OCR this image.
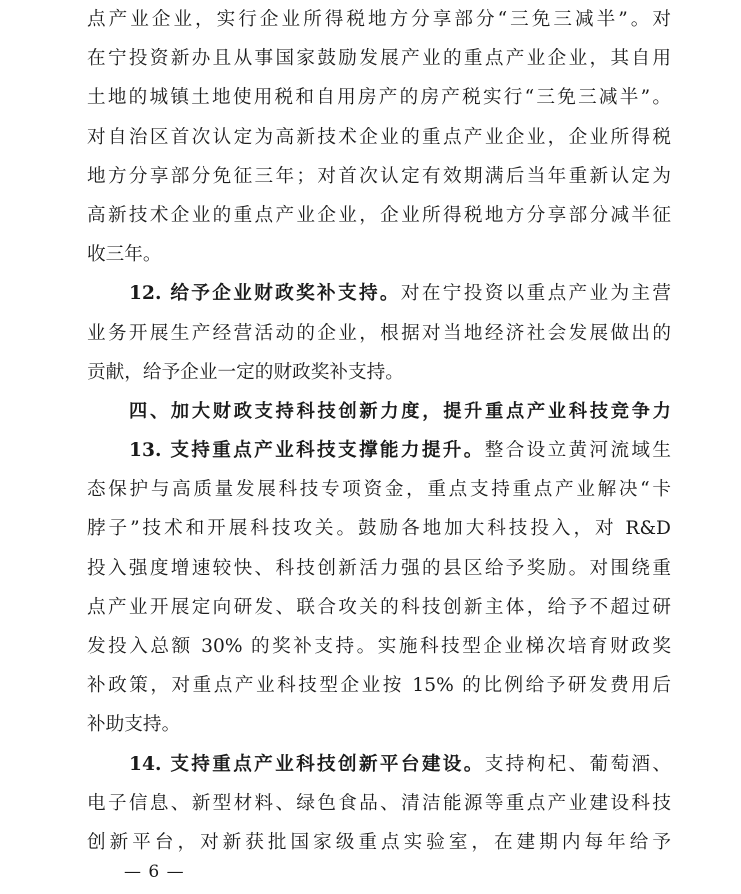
点产业企业，实行企业所得税地方分享部分“三免三减半”。对
在宁投资新办且从事国家鼓励发展产业的重点产业企业，其自用
土地的城镇土地使用税和自用房产的房产税实行“三免三减半”。
对自治区首次认定为高新技术企业的重点产业企业，企业所得税
地方分享部分免征三年；对首次认定有效期满后当年重新认定为
高新技术企业的重点产业企业，企业所得税地方分享部分减半征
收三年。
12. 给予企业财政奖补支持。对在宁投资以重点产业为主营
业务开展生产经营活动的企业，根据对当地经济社会发展做出的
贡献，给予企业一定的财政奖补支持。
四、加大财政支持科技创新力度，提升重点产业科技竞争力
13. 支持重点产业科技支撑能力提升。整合设立黄河流域生
态保护与高质量发展科技专项资金，重点支持重点产业解决“卡
脖子”技术和开展科技攻关。鼓励各地加大科技投入，对 R&D
投入强度增速较快、科技创新活力强的县区给予奖励。对围绕重
点产业开展定向研发、联合攻关的科技创新主体，给予不超过研
发投入总额 30% 的奖补支持。实施科技型企业梯次培育财政奖
补政策，对重点产业科技型企业按 15% 的比例给予研发费用后
补助支持。
14. 支持重点产业科技创新平台建设。支持枸杞、葡萄酒、
电子信息、新型材料、绿色食品、清洁能源等重点产业建设科技
创新平台，对新获批国家级重点实验室，在建期内每年给予
— 6 —
